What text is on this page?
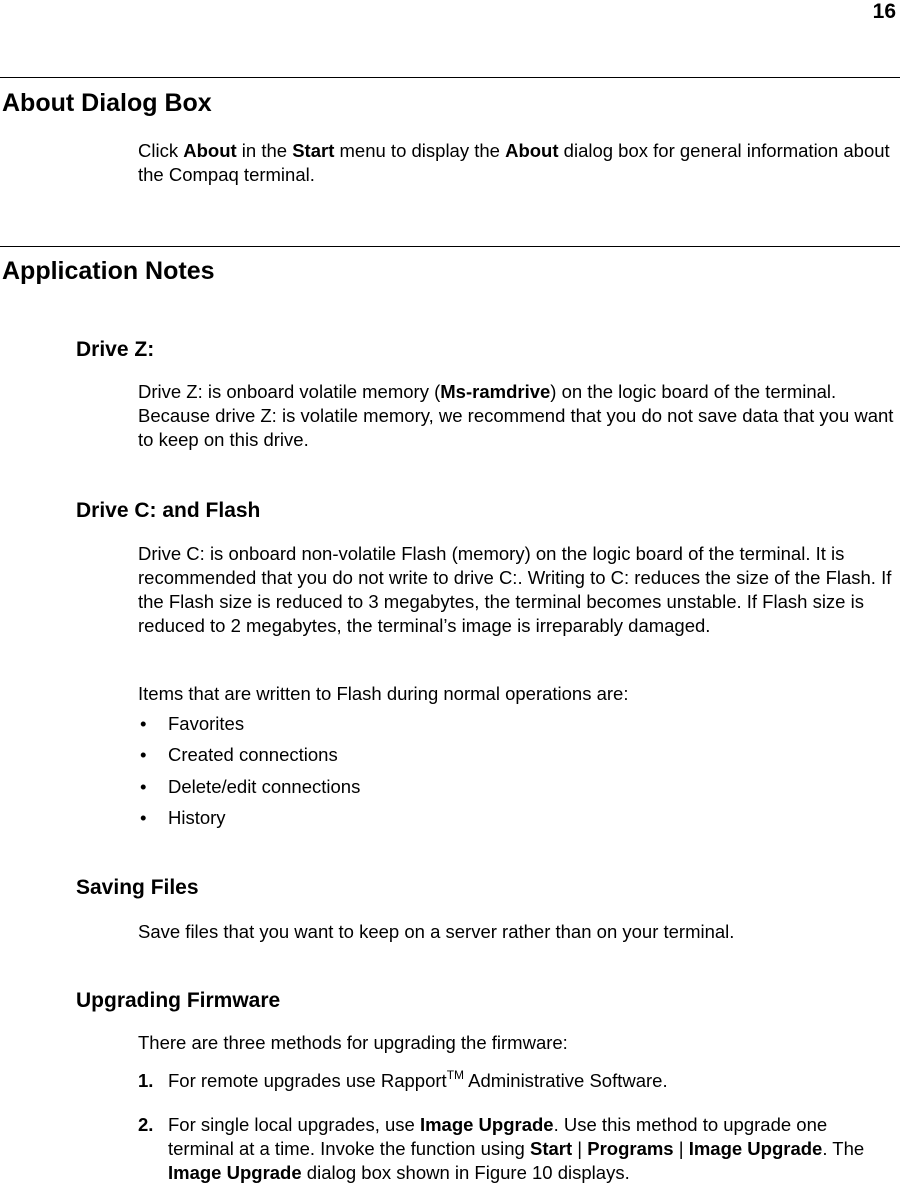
16
About Dialog Box

Click About in the Start menu to display the About dialog box for general information about the Compaq terminal.

Application Notes
Drive Z:

Drive Z: is onboard volatile memory (Ms-ramdrive) on the logic board of the terminal. Because drive Z: is volatile memory, we recommend that you do not save data that you want to keep on this drive.

Drive C: and Flash

Drive C: is onboard non-volatile Flash (memory) on the logic board of the terminal. It is recommended that you do not write to drive C:. Writing to C: reduces the size of the Flash. If the Flash size is reduced to 3 megabytes, the terminal becomes unstable. If Flash size is reduced to 2 megabytes, the terminal’s image is irreparably damaged.

Items that are written to Flash during normal operations are:

• Favorites
• Created connections
• Delete/edit connections
• History
Saving Files

Save files that you want to keep on a server rather than on your terminal.

Upgrading Firmware

There are three methods for upgrading the firmware:

1. For remote upgrades use Rapport™ Administrative Software.
2. For single local upgrades, use Image Upgrade. Use this method to upgrade one terminal at a time. Invoke the function using Start | Programs | Image Upgrade. The Image Upgrade dialog box shown in Figure 10 displays.
